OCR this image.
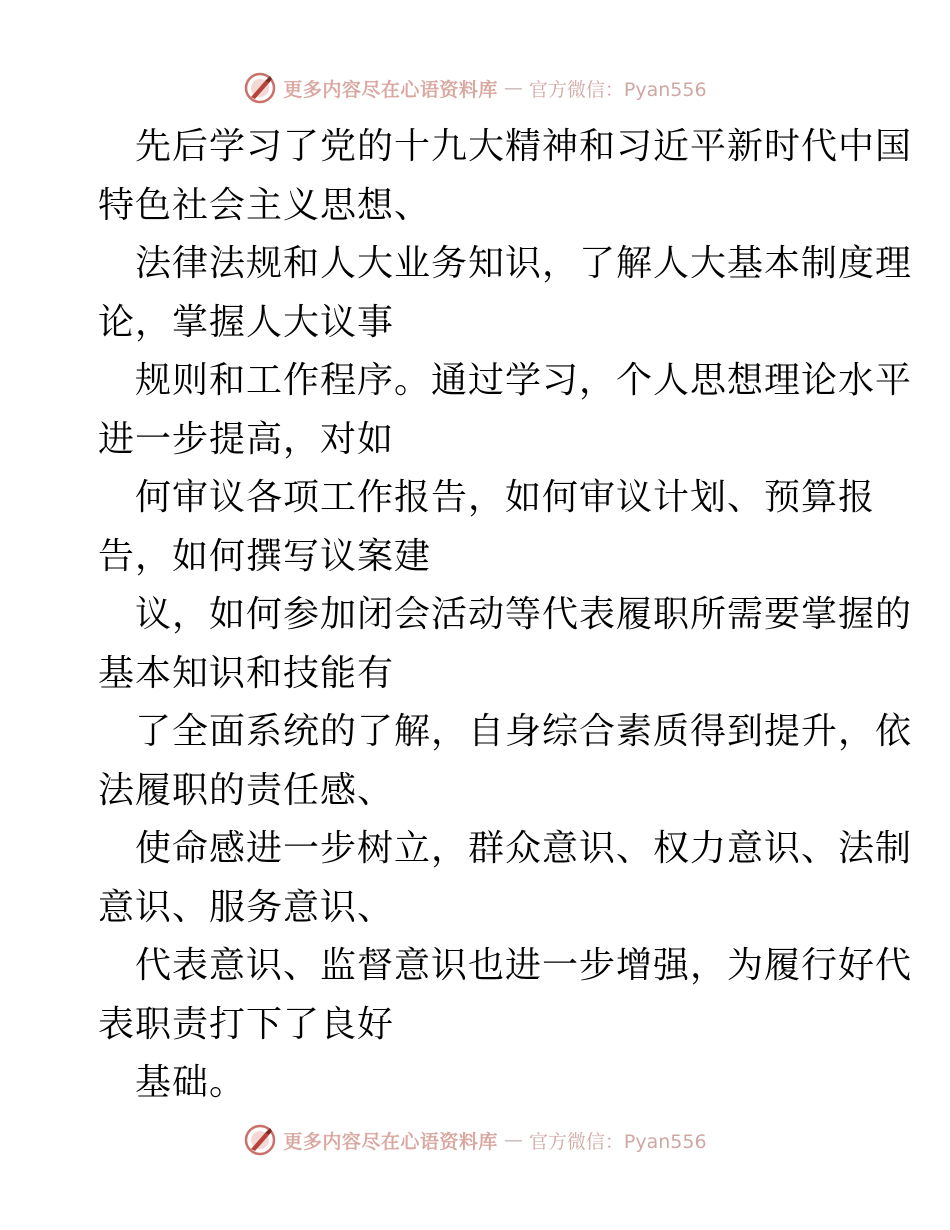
更多内容尽在心语资料库 — 官方微信：Pyan556
先后学习了党的十九大精神和习近平新时代中国
特色社会主义思想、
法律法规和人大业务知识，了解人大基本制度理
论，掌握人大议事
规则和工作程序。通过学习，个人思想理论水平
进一步提高，对如
何审议各项工作报告，如何审议计划、预算报
告，如何撰写议案建
议，如何参加闭会活动等代表履职所需要掌握的
基本知识和技能有
了全面系统的了解，自身综合素质得到提升，依
法履职的责任感、
使命感进一步树立，群众意识、权力意识、法制
意识、服务意识、
代表意识、监督意识也进一步增强，为履行好代
表职责打下了良好
基础。
更多内容尽在心语资料库 — 官方微信：Pyan556
